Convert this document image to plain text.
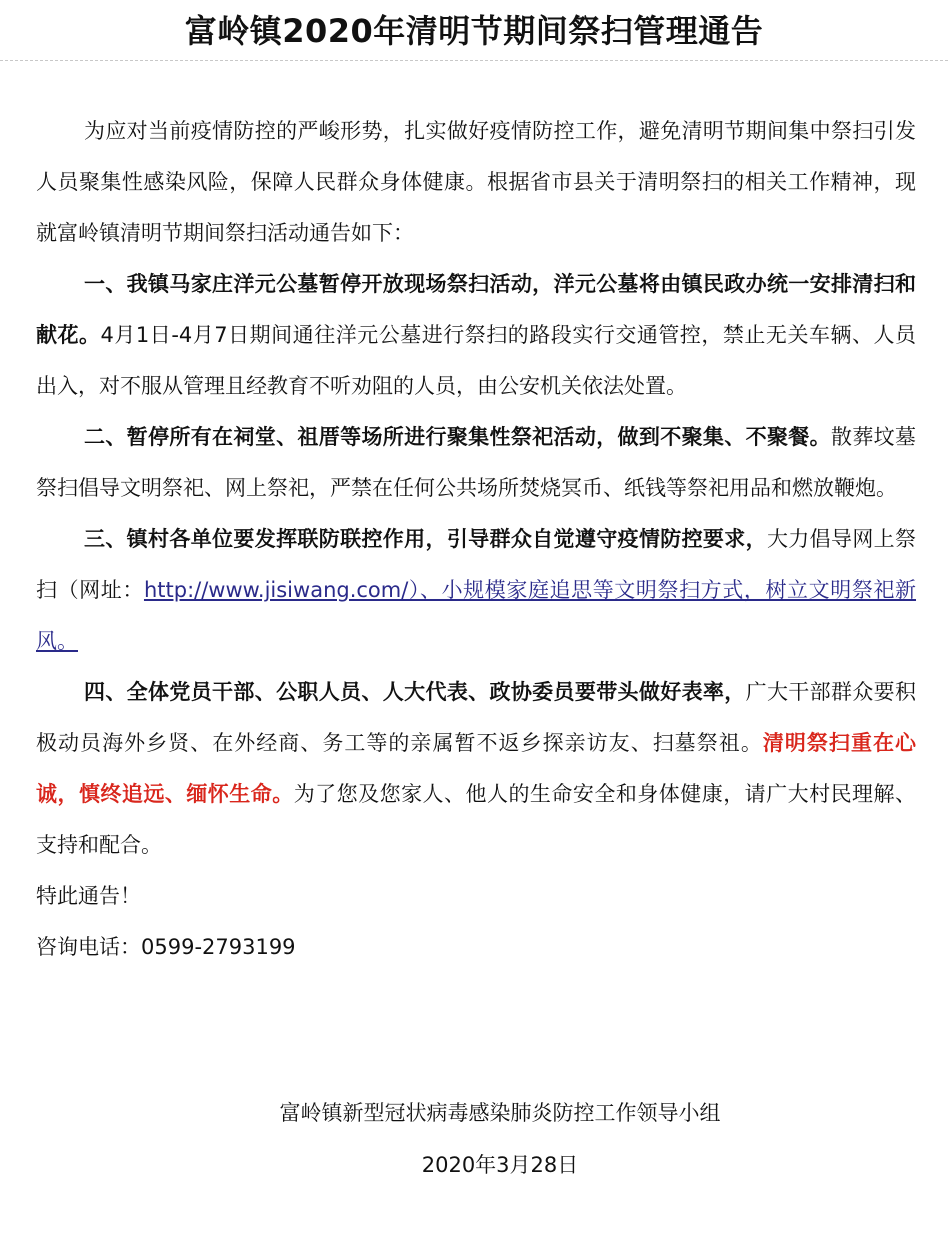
富岭镇2020年清明节期间祭扫管理通告

为应对当前疫情防控的严峻形势，扎实做好疫情防控工作，避免清明节期间集中祭扫引发人员聚集性感染风险，保障人民群众身体健康。根据省市县关于清明祭扫的相关工作精神，现就富岭镇清明节期间祭扫活动通告如下：

一、我镇马家庄洋元公墓暂停开放现场祭扫活动，洋元公墓将由镇民政办统一安排清扫和献花。4月1日-4月7日期间通往洋元公墓进行祭扫的路段实行交通管控，禁止无关车辆、人员出入，对不服从管理且经教育不听劝阻的人员，由公安机关依法处置。

二、暂停所有在祠堂、祖厝等场所进行聚集性祭祀活动，做到不聚集、不聚餐。散葬坟墓祭扫倡导文明祭祀、网上祭祀，严禁在任何公共场所焚烧冥币、纸钱等祭祀用品和燃放鞭炮。

三、镇村各单位要发挥联防联控作用，引导群众自觉遵守疫情防控要求，大力倡导网上祭扫（网址：http://www.jisiwang.com/）、小规模家庭追思等文明祭扫方式，树立文明祭祀新风。

四、全体党员干部、公职人员、人大代表、政协委员要带头做好表率，广大干部群众要积极动员海外乡贤、在外经商、务工等的亲属暂不返乡探亲访友、扫墓祭祖。清明祭扫重在心诚，慎终追远、缅怀生命。为了您及您家人、他人的生命安全和身体健康，请广大村民理解、支持和配合。

特此通告！

咨询电话：0599-2793199

富岭镇新型冠状病毒感染肺炎防控工作领导小组
2020年3月28日
